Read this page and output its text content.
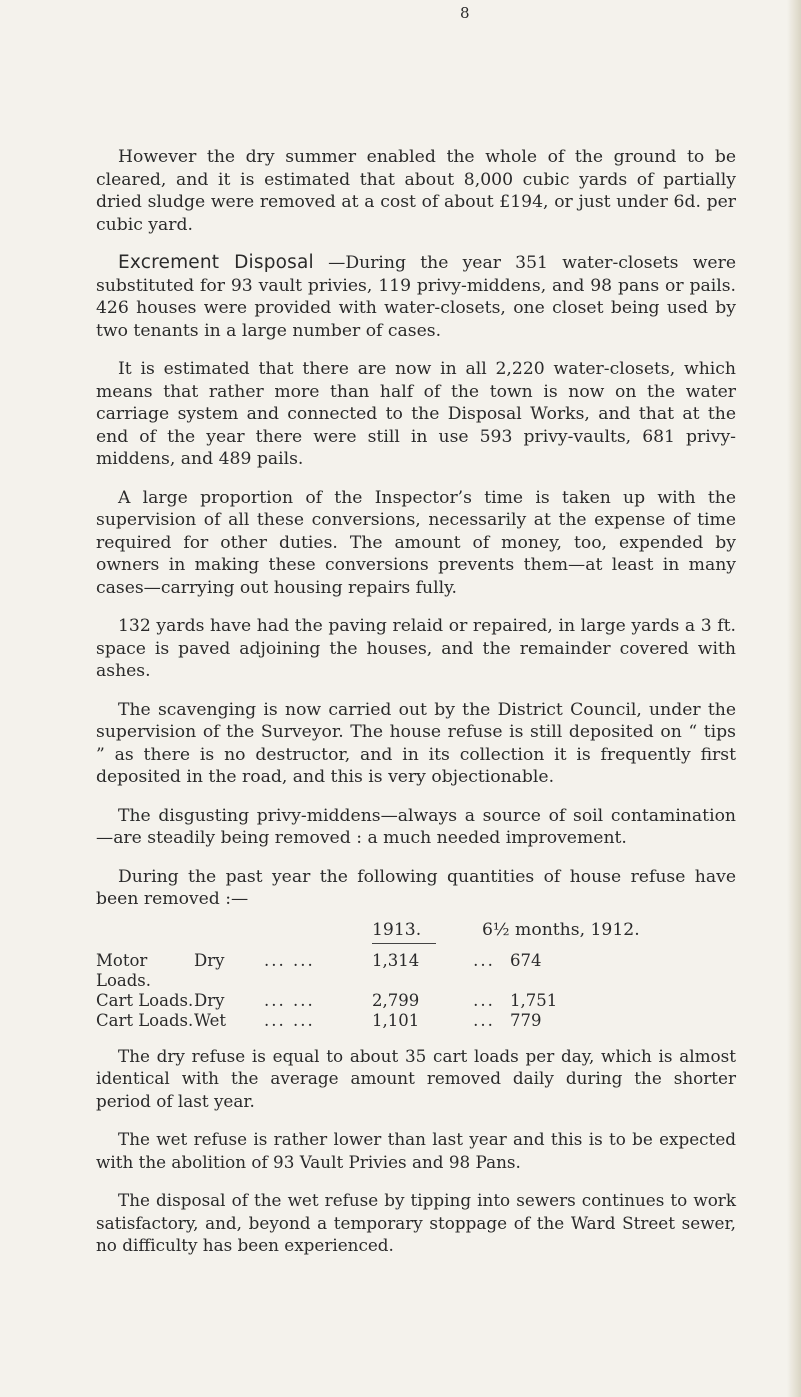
8

However the dry summer enabled the whole of the ground to be cleared, and it is estimated that about 8,000 cubic yards of partially dried sludge were removed at a cost of about £194, or just under 6d. per cubic yard.

Excrement Disposal —During the year 351 water-closets were substituted for 93 vault privies, 119 privy-middens, and 98 pans or pails. 426 houses were provided with water-closets, one closet being used by two tenants in a large number of cases.

It is estimated that there are now in all 2,220 water-closets, which means that rather more than half of the town is now on the water carriage system and connected to the Disposal Works, and that at the end of the year there were still in use 593 privy-vaults, 681 privy-middens, and 489 pails.

A large proportion of the Inspector’s time is taken up with the supervision of all these conversions, necessarily at the expense of time required for other duties. The amount of money, too, expended by owners in making these conversions prevents them—at least in many cases—carrying out housing repairs fully.

132 yards have had the paving relaid or repaired, in large yards a 3 ft. space is paved adjoining the houses, and the remainder covered with ashes.

The scavenging is now carried out by the District Council, under the supervision of the Surveyor. The house refuse is still deposited on “ tips ” as there is no destructor, and in its collection it is frequently first deposited in the road, and this is very objectionable.

The disgusting privy-middens—always a source of soil contamination—are steadily being removed : a much needed improvement.

During the past year the following quantities of house refuse have been removed :—

1913.	6½ months, 1912.
Motor Loads.	Dry	... ...	1,314	...	674
Cart Loads.	Dry	... ...	2,799	...	1,751
Cart Loads.	Wet	... ...	1,101	...	779

The dry refuse is equal to about 35 cart loads per day, which is almost identical with the average amount removed daily during the shorter period of last year.

The wet refuse is rather lower than last year and this is to be expected with the abolition of 93 Vault Privies and 98 Pans.

The disposal of the wet refuse by tipping into sewers continues to work satisfactory, and, beyond a temporary stoppage of the Ward Street sewer, no difficulty has been experienced.
